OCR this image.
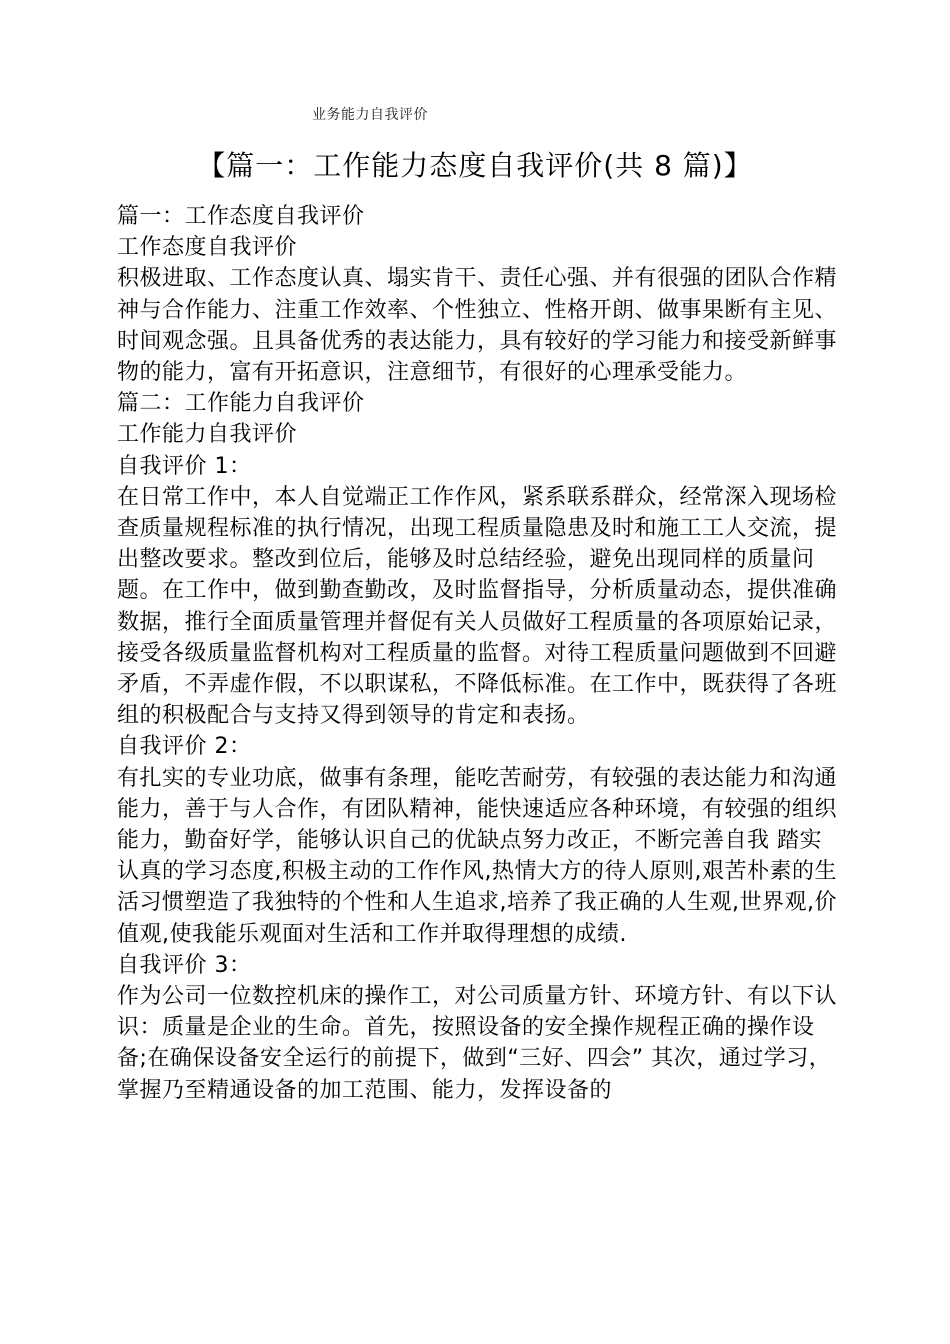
业务能力自我评价
【篇一：工作能力态度自我评价(共 8 篇)】

篇一：工作态度自我评价

工作态度自我评价

积极进取、工作态度认真、塌实肯干、责任心强、并有很强的团队合作精神与合作能力、注重工作效率、个性独立、性格开朗、做事果断有主见、时间观念强。且具备优秀的表达能力，具有较好的学习能力和接受新鲜事物的能力，富有开拓意识，注意细节，有很好的心理承受能力。

篇二：工作能力自我评价

工作能力自我评价

自我评价 1：

在日常工作中，本人自觉端正工作作风，紧系联系群众，经常深入现场检查质量规程标准的执行情况，出现工程质量隐患及时和施工工人交流，提出整改要求。整改到位后，能够及时总结经验，避免出现同样的质量问题。在工作中，做到勤查勤改，及时监督指导，分析质量动态，提供准确数据，推行全面质量管理并督促有关人员做好工程质量的各项原始记录，接受各级质量监督机构对工程质量的监督。对待工程质量问题做到不回避矛盾，不弄虚作假，不以职谋私，不降低标准。在工作中，既获得了各班组的积极配合与支持又得到领导的肯定和表扬。

自我评价 2：

有扎实的专业功底，做事有条理，能吃苦耐劳，有较强的表达能力和沟通能力，善于与人合作，有团队精神，能快速适应各种环境，有较强的组织能力，勤奋好学，能够认识自己的优缺点努力改正，不断完善自我 踏实认真的学习态度,积极主动的工作作风,热情大方的待人原则,艰苦朴素的生活习惯塑造了我独特的个性和人生追求,培养了我正确的人生观,世界观,价值观,使我能乐观面对生活和工作并取得理想的成绩.

自我评价 3：

作为公司一位数控机床的操作工，对公司质量方针、环境方针、有以下认识：质量是企业的生命。首先，按照设备的安全操作规程正确的操作设备;在确保设备安全运行的前提下，做到“三好、四会” 其次，通过学习，掌握乃至精通设备的加工范围、能力，发挥设备的
